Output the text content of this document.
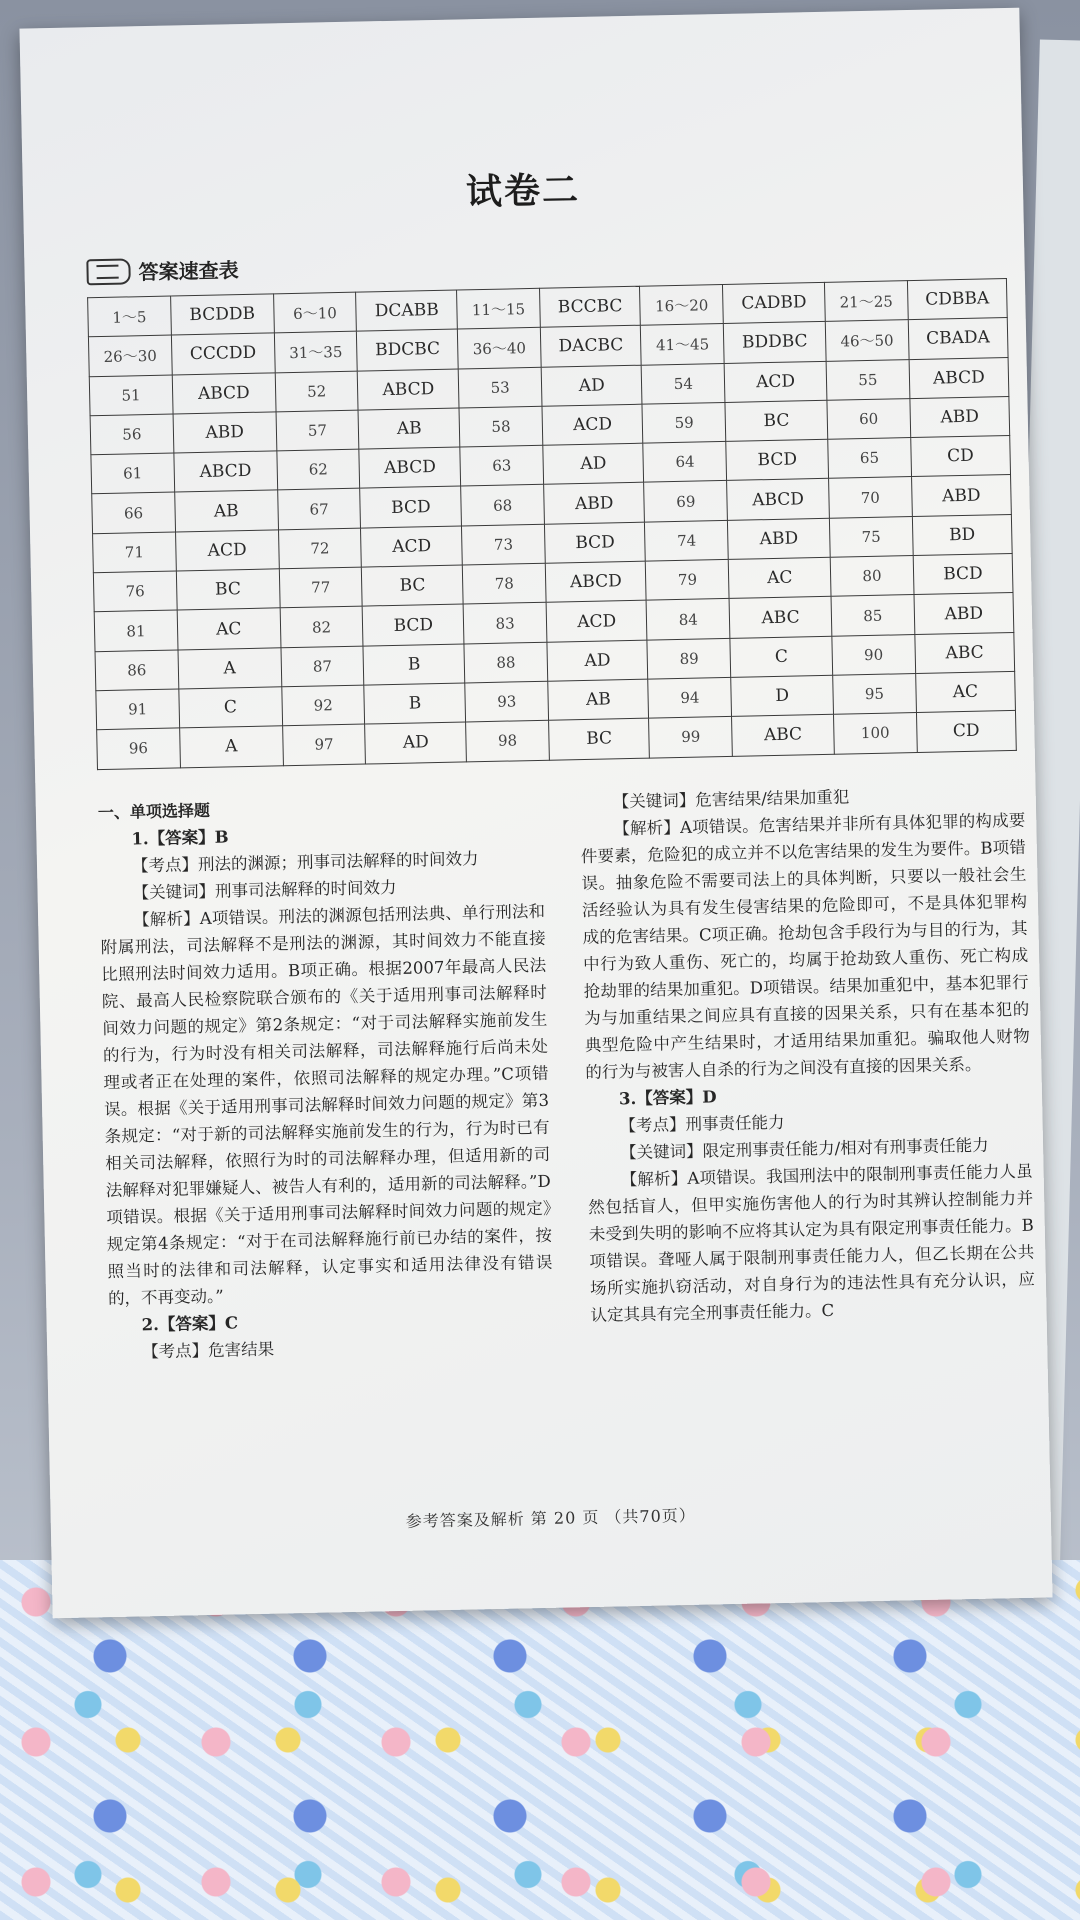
试卷二
答案速查表
1～5	BCDDB	6～10	DCABB	11～15	BCCBC	16～20	CADBD	21～25	CDBBA
26～30	CCCDD	31～35	BDCBC	36～40	DACBC	41～45	BDDBC	46～50	CBADA
51	ABCD	52	ABCD	53	AD	54	ACD	55	ABCD
56	ABD	57	AB	58	ACD	59	BC	60	ABD
61	ABCD	62	ABCD	63	AD	64	BCD	65	CD
66	AB	67	BCD	68	ABD	69	ABCD	70	ABD
71	ACD	72	ACD	73	BCD	74	ABD	75	BD
76	BC	77	BC	78	ABCD	79	AC	80	BCD
81	AC	82	BCD	83	ACD	84	ABC	85	ABD
86	A	87	B	88	AD	89	C	90	ABC
91	C	92	B	93	AB	94	D	95	AC
96	A	97	AD	98	BC	99	ABC	100	CD

一、单项选择题

1.【答案】B

【考点】刑法的渊源；刑事司法解释的时间效力

【关键词】刑事司法解释的时间效力

【解析】A项错误。刑法的渊源包括刑法典、单行刑法和附属刑法，司法解释不是刑法的渊源，其时间效力不能直接比照刑法时间效力适用。B项正确。根据2007年最高人民法院、最高人民检察院联合颁布的《关于适用刑事司法解释时间效力问题的规定》第2条规定：“对于司法解释实施前发生的行为，行为时没有相关司法解释，司法解释施行后尚未处理或者正在处理的案件，依照司法解释的规定办理。”C项错误。根据《关于适用刑事司法解释时间效力问题的规定》第3条规定：“对于新的司法解释实施前发生的行为，行为时已有相关司法解释，依照行为时的司法解释办理，但适用新的司法解释对犯罪嫌疑人、被告人有利的，适用新的司法解释。”D项错误。根据《关于适用刑事司法解释时间效力问题的规定》规定第4条规定：“对于在司法解释施行前已办结的案件，按照当时的法律和司法解释，认定事实和适用法律没有错误的，不再变动。”

2.【答案】C

【考点】危害结果

【关键词】危害结果/结果加重犯

【解析】A项错误。危害结果并非所有具体犯罪的构成要件要素，危险犯的成立并不以危害结果的发生为要件。B项错误。抽象危险不需要司法上的具体判断，只要以一般社会生活经验认为具有发生侵害结果的危险即可，不是具体犯罪构成的危害结果。C项正确。抢劫包含手段行为与目的行为，其中行为致人重伤、死亡的，均属于抢劫致人重伤、死亡构成抢劫罪的结果加重犯。D项错误。结果加重犯中，基本犯罪行为与加重结果之间应具有直接的因果关系，只有在基本犯的典型危险中产生结果时，才适用结果加重犯。骗取他人财物的行为与被害人自杀的行为之间没有直接的因果关系。

3.【答案】D

【考点】刑事责任能力

【关键词】限定刑事责任能力/相对有刑事责任能力

【解析】A项错误。我国刑法中的限制刑事责任能力人虽然包括盲人，但甲实施伤害他人的行为时其辨认控制能力并未受到失明的影响不应将其认定为具有限定刑事责任能力。B项错误。聋哑人属于限制刑事责任能力人，但乙长期在公共场所实施扒窃活动，对自身行为的违法性具有充分认识，应认定其具有完全刑事责任能力。C

参考答案及解析 第 20 页 （共70页）
